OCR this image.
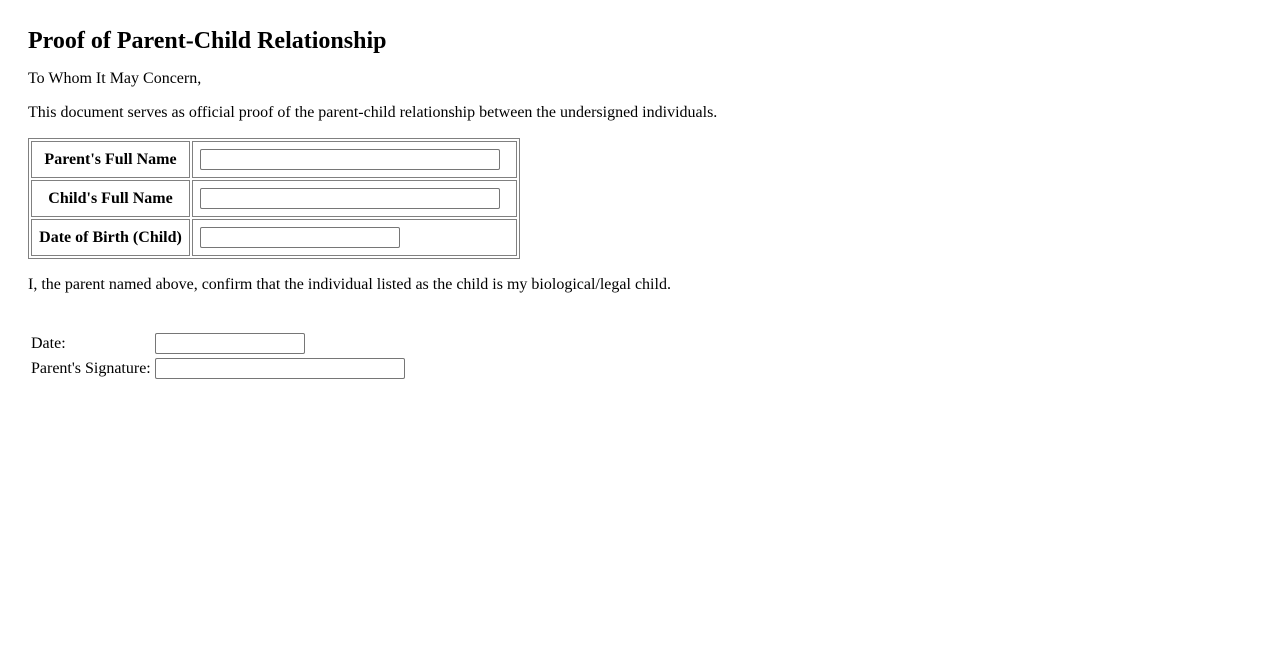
Proof of Parent-Child Relationship

To Whom It May Concern,

This document serves as official proof of the parent-child relationship between the undersigned individuals.

Parent's Full Name	
Child's Full Name	
Date of Birth (Child)	

I, the parent named above, confirm that the individual listed as the child is my biological/legal child.

Date:	
Parent's Signature:	
